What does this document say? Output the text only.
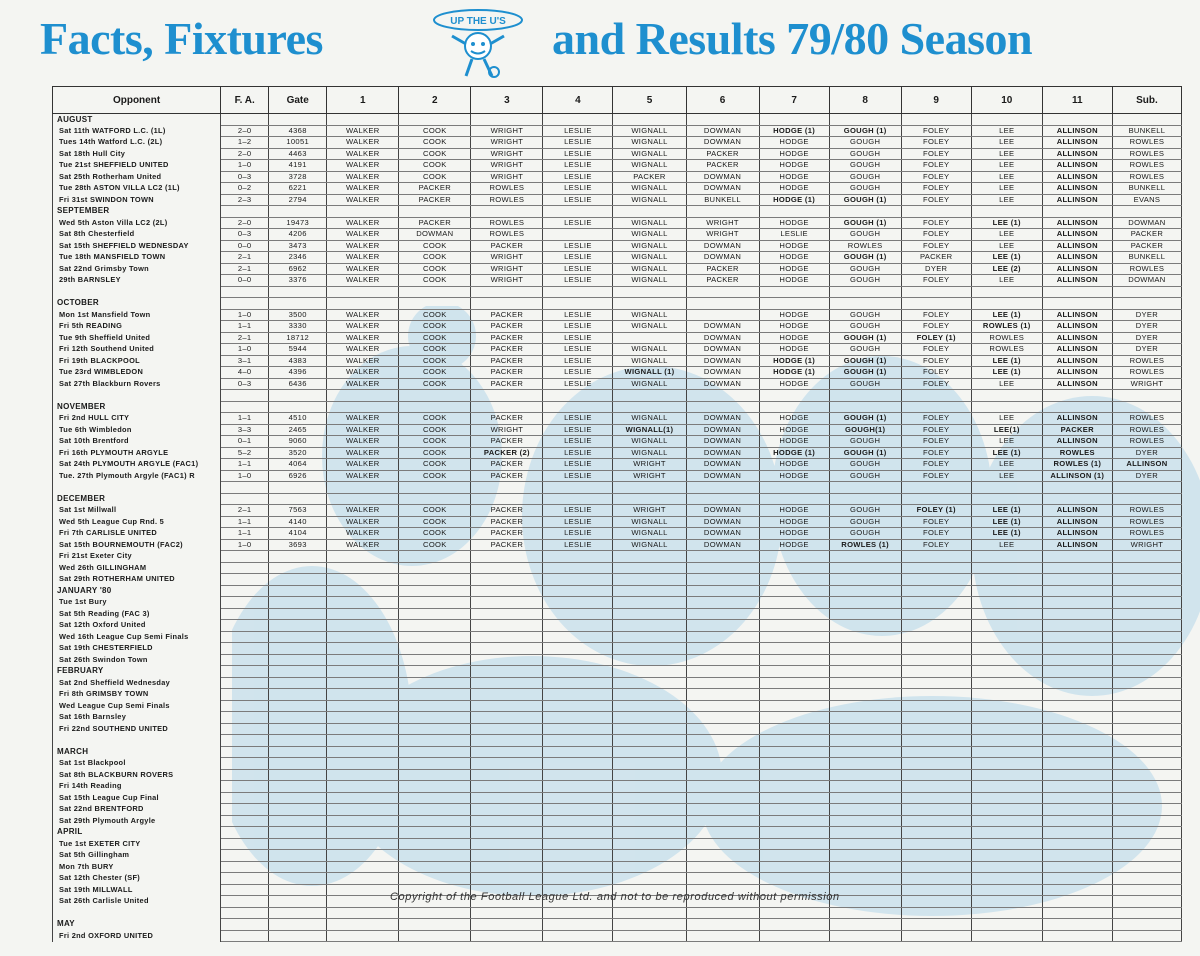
Facts, Fixtures	UP THE U'S and Results 79/80 Season
Opponent	F. A.	Gate	1	2	3	4	5	6	7	8	9	10	11	Sub.
AUGUST														
Sat 11th WATFORD L.C. (1L)	2–0	4368	WALKER	COOK	WRIGHT	LESLIE	WIGNALL	DOWMAN	HODGE (1)	GOUGH (1)	FOLEY	LEE	ALLINSON	BUNKELL
Tues 14th Watford L.C. (2L)	1–2	10051	WALKER	COOK	WRIGHT	LESLIE	WIGNALL	DOWMAN	HODGE	GOUGH	FOLEY	LEE	ALLINSON	ROWLES
Sat 18th Hull City	2–0	4463	WALKER	COOK	WRIGHT	LESLIE	WIGNALL	PACKER	HODGE	GOUGH	FOLEY	LEE	ALLINSON	ROWLES
Tue 21st SHEFFIELD UNITED	1–0	4191	WALKER	COOK	WRIGHT	LESLIE	WIGNALL	PACKER	HODGE	GOUGH	FOLEY	LEE	ALLINSON	ROWLES
Sat 25th Rotherham United	0–3	3728	WALKER	COOK	WRIGHT	LESLIE	PACKER	DOWMAN	HODGE	GOUGH	FOLEY	LEE	ALLINSON	ROWLES
Tue 28th ASTON VILLA LC2 (1L)	0–2	6221	WALKER	PACKER	ROWLES	LESLIE	WIGNALL	DOWMAN	HODGE	GOUGH	FOLEY	LEE	ALLINSON	BUNKELL
Fri 31st SWINDON TOWN	2–3	2794	WALKER	PACKER	ROWLES	LESLIE	WIGNALL	BUNKELL	HODGE (1)	GOUGH (1)	FOLEY	LEE	ALLINSON	EVANS
SEPTEMBER														
Wed 5th Aston Villa LC2 (2L)	2–0	19473	WALKER	PACKER	ROWLES	LESLIE	WIGNALL	WRIGHT	HODGE	GOUGH (1)	FOLEY	LEE (1)	ALLINSON	DOWMAN
Sat 8th Chesterfield	0–3	4206	WALKER	DOWMAN	ROWLES		WIGNALL	WRIGHT	LESLIE	GOUGH	FOLEY	LEE	ALLINSON	PACKER
Sat 15th SHEFFIELD WEDNESDAY	0–0	3473	WALKER	COOK	PACKER	LESLIE	WIGNALL	DOWMAN	HODGE	ROWLES	FOLEY	LEE	ALLINSON	PACKER
Tue 18th MANSFIELD TOWN	2–1	2346	WALKER	COOK	WRIGHT	LESLIE	WIGNALL	DOWMAN	HODGE	GOUGH (1)	PACKER	LEE (1)	ALLINSON	BUNKELL
Sat 22nd Grimsby Town	2–1	6962	WALKER	COOK	WRIGHT	LESLIE	WIGNALL	PACKER	HODGE	GOUGH	DYER	LEE (2)	ALLINSON	ROWLES
29th BARNSLEY	0–0	3376	WALKER	COOK	WRIGHT	LESLIE	WIGNALL	PACKER	HODGE	GOUGH	FOLEY	LEE	ALLINSON	DOWMAN

OCTOBER														
Mon 1st Mansfield Town	1–0	3500	WALKER	COOK	PACKER	LESLIE	WIGNALL		HODGE	GOUGH	FOLEY	LEE (1)	ALLINSON	DYER
Fri 5th READING	1–1	3330	WALKER	COOK	PACKER	LESLIE	WIGNALL	DOWMAN	HODGE	GOUGH	FOLEY	ROWLES (1)	ALLINSON	DYER
Tue 9th Sheffield United	2–1	18712	WALKER	COOK	PACKER	LESLIE		DOWMAN	HODGE	GOUGH (1)	FOLEY (1)	ROWLES	ALLINSON	DYER
Fri 12th Southend United	1–0	5944	WALKER	COOK	PACKER	LESLIE	WIGNALL	DOWMAN	HODGE	GOUGH	FOLEY	ROWLES	ALLINSON	DYER
Fri 19th BLACKPOOL	3–1	4383	WALKER	COOK	PACKER	LESLIE	WIGNALL	DOWMAN	HODGE (1)	GOUGH (1)	FOLEY	LEE (1)	ALLINSON	ROWLES
Tue 23rd WIMBLEDON	4–0	4396	WALKER	COOK	PACKER	LESLIE	WIGNALL (1)	DOWMAN	HODGE (1)	GOUGH (1)	FOLEY	LEE (1)	ALLINSON	ROWLES
Sat 27th Blackburn Rovers	0–3	6436	WALKER	COOK	PACKER	LESLIE	WIGNALL	DOWMAN	HODGE	GOUGH	FOLEY	LEE	ALLINSON	WRIGHT

NOVEMBER														
Fri 2nd HULL CITY	1–1	4510	WALKER	COOK	PACKER	LESLIE	WIGNALL	DOWMAN	HODGE	GOUGH (1)	FOLEY	LEE	ALLINSON	ROWLES
Tue 6th Wimbledon	3–3	2465	WALKER	COOK	WRIGHT	LESLIE	WIGNALL(1)	DOWMAN	HODGE	GOUGH(1)	FOLEY	LEE(1)	PACKER	ROWLES
Sat 10th Brentford	0–1	9060	WALKER	COOK	PACKER	LESLIE	WIGNALL	DOWMAN	HODGE	GOUGH	FOLEY	LEE	ALLINSON	ROWLES
Fri 16th PLYMOUTH ARGYLE	5–2	3520	WALKER	COOK	PACKER (2)	LESLIE	WIGNALL	DOWMAN	HODGE (1)	GOUGH (1)	FOLEY	LEE (1)	ROWLES	DYER
Sat 24th PLYMOUTH ARGYLE (FAC1)	1–1	4064	WALKER	COOK	PACKER	LESLIE	WRIGHT	DOWMAN	HODGE	GOUGH	FOLEY	LEE	ROWLES (1)	ALLINSON
Tue. 27th Plymouth Argyle (FAC1) R	1–0	6926	WALKER	COOK	PACKER	LESLIE	WRIGHT	DOWMAN	HODGE	GOUGH	FOLEY	LEE	ALLINSON (1)	DYER

DECEMBER														
Sat 1st Millwall	2–1	7563	WALKER	COOK	PACKER	LESLIE	WRIGHT	DOWMAN	HODGE	GOUGH	FOLEY (1)	LEE (1)	ALLINSON	ROWLES
Wed 5th League Cup Rnd. 5	1–1	4140	WALKER	COOK	PACKER	LESLIE	WIGNALL	DOWMAN	HODGE	GOUGH	FOLEY	LEE (1)	ALLINSON	ROWLES
Fri 7th CARLISLE UNITED	1–1	4104	WALKER	COOK	PACKER	LESLIE	WIGNALL	DOWMAN	HODGE	GOUGH	FOLEY	LEE (1)	ALLINSON	ROWLES
Sat 15th BOURNEMOUTH (FAC2)	1–0	3693	WALKER	COOK	PACKER	LESLIE	WIGNALL	DOWMAN	HODGE	ROWLES (1)	FOLEY	LEE	ALLINSON	WRIGHT
Fri 21st Exeter City														
Wed 26th GILLINGHAM														
Sat 29th ROTHERHAM UNITED														
JANUARY '80														
Tue 1st Bury														
Sat 5th Reading (FAC 3)														
Sat 12th Oxford United														
Wed 16th League Cup Semi Finals														
Sat 19th CHESTERFIELD														
Sat 26th Swindon Town														
FEBRUARY														
Sat 2nd Sheffield Wednesday														
Fri 8th GRIMSBY TOWN														
Wed League Cup Semi Finals														
Sat 16th Barnsley														
Fri 22nd SOUTHEND UNITED														

MARCH														
Sat 1st Blackpool														
Sat 8th BLACKBURN ROVERS														
Fri 14th Reading														
Sat 15th League Cup Final														
Sat 22nd BRENTFORD														
Sat 29th Plymouth Argyle														
APRIL														
Tue 1st EXETER CITY														
Sat 5th Gillingham														
Mon 7th BURY														
Sat 12th Chester (SF)														
Sat 19th MILLWALL														
Sat 26th Carlisle United														

MAY														
Fri 2nd OXFORD UNITED														
Copyright of the Football League Ltd. and not to be reproduced without permission
